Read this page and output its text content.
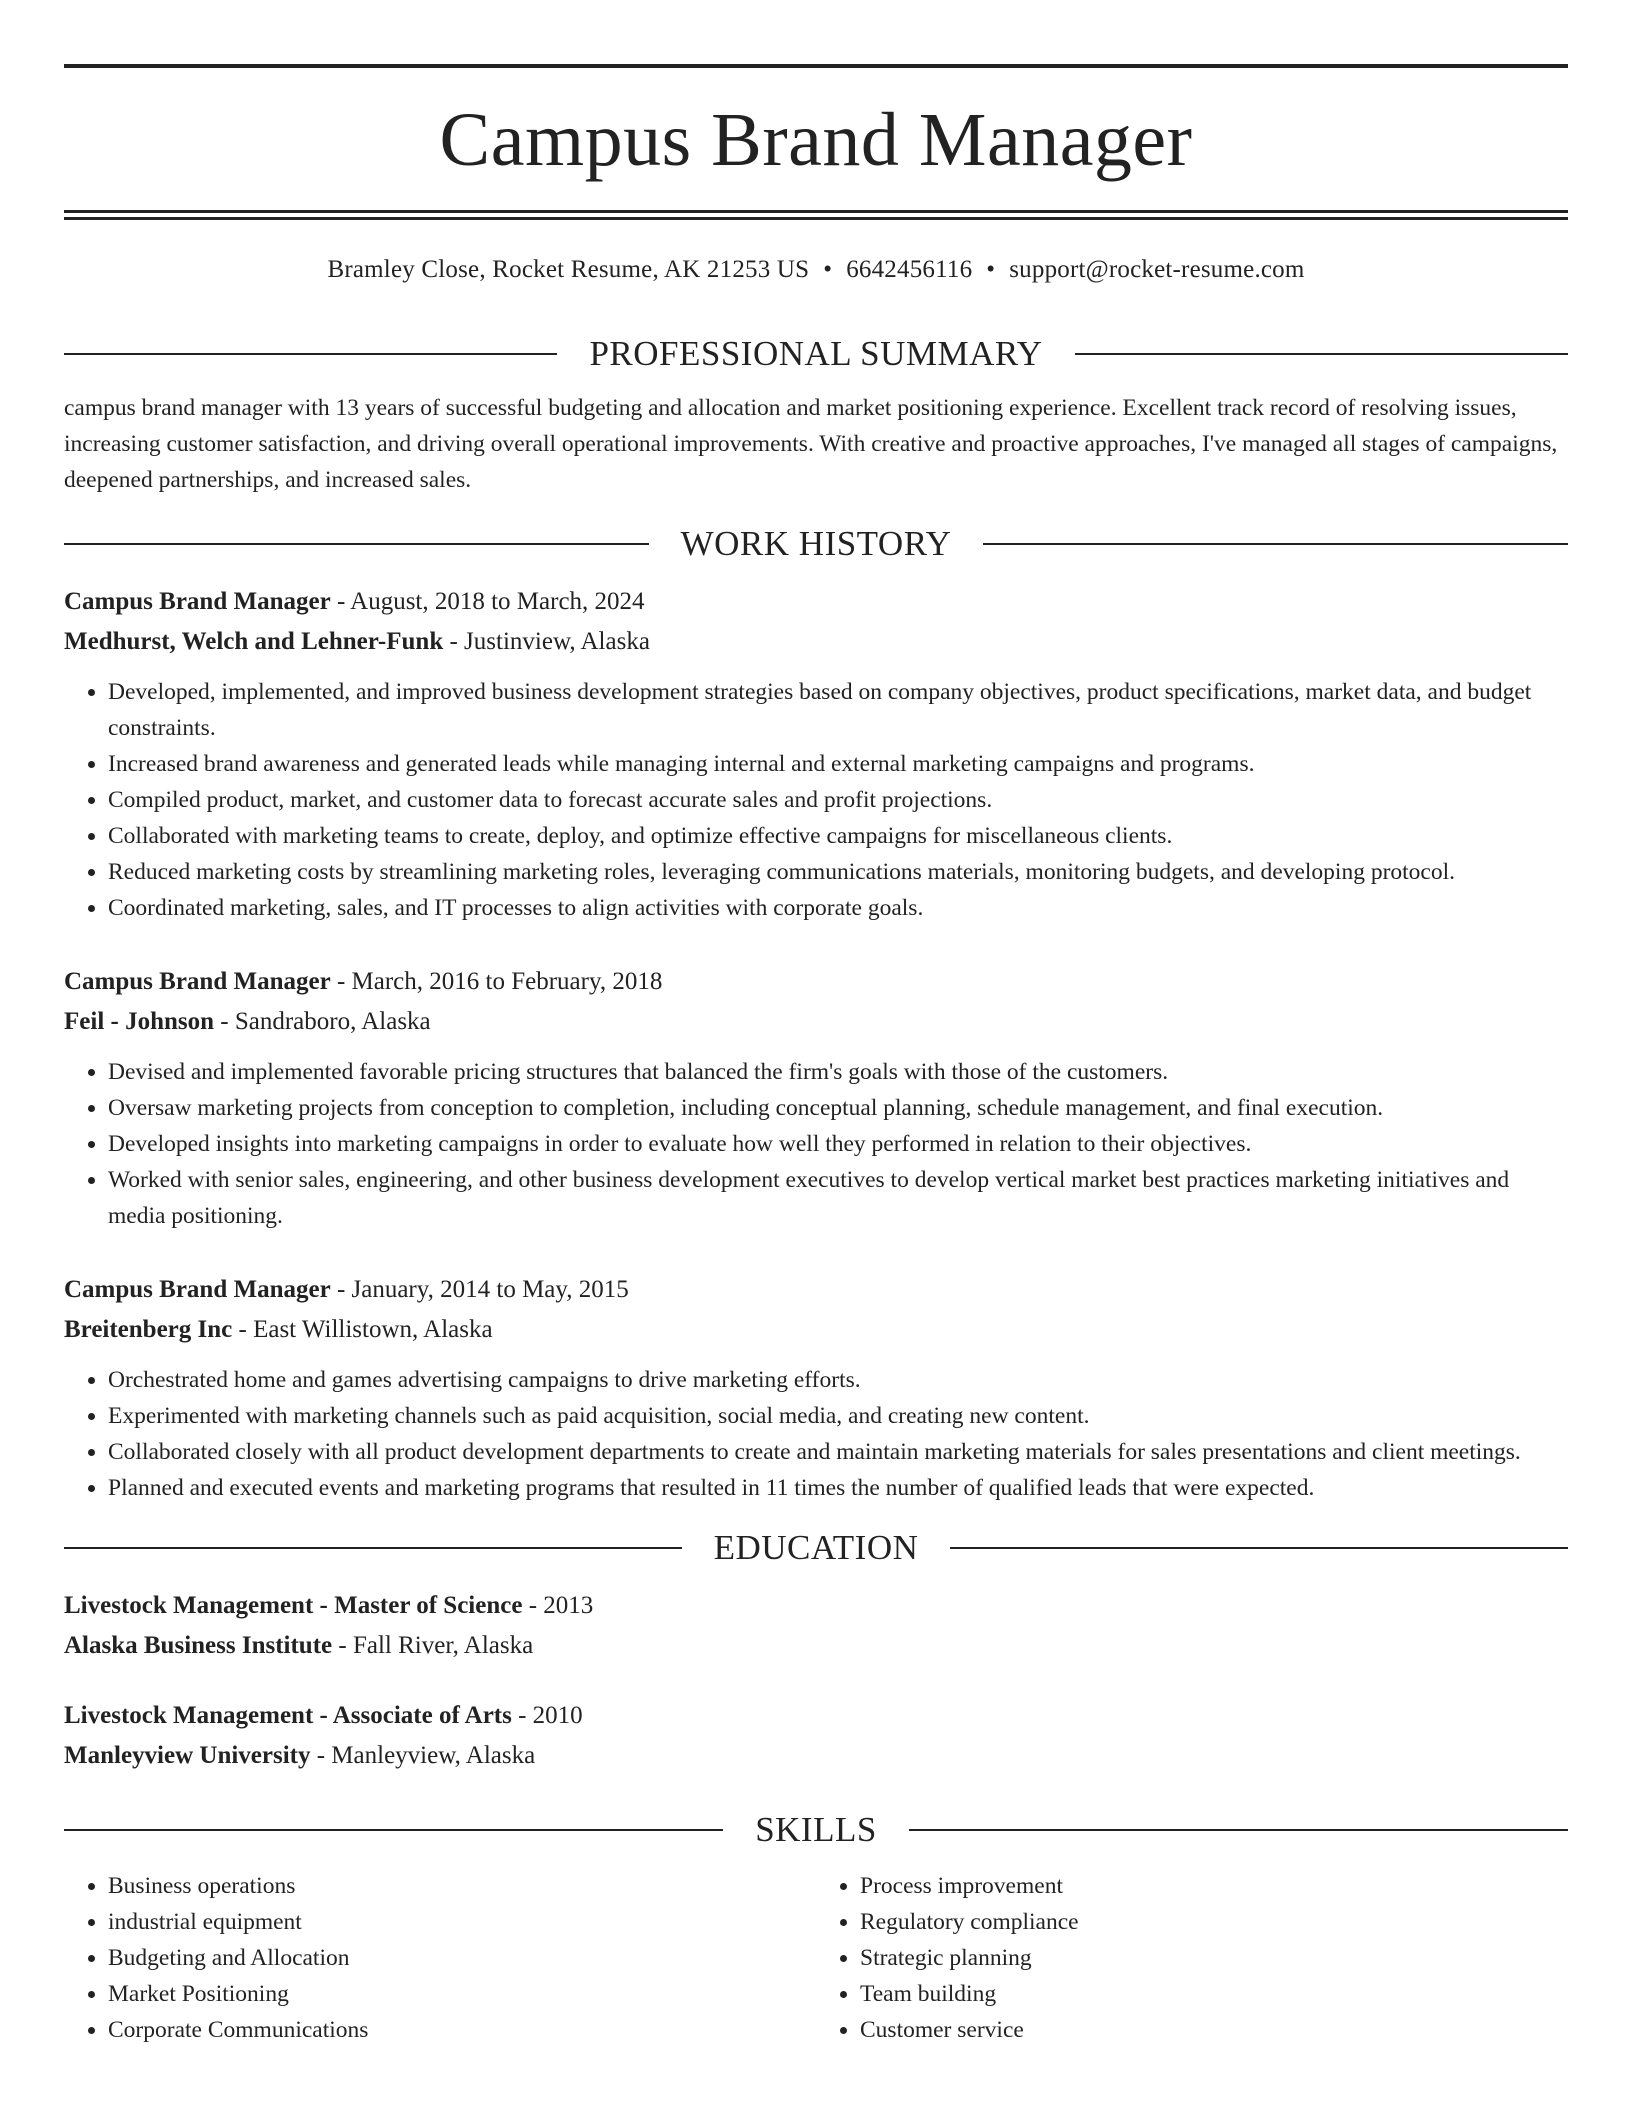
Campus Brand Manager
Bramley Close, Rocket Resume, AK 21253 US • 6642456116 • support@rocket-resume.com
PROFESSIONAL SUMMARY
campus brand manager with 13 years of successful budgeting and allocation and market positioning experience. Excellent track record of resolving issues, increasing customer satisfaction, and driving overall operational improvements. With creative and proactive approaches, I've managed all stages of campaigns, deepened partnerships, and increased sales.
WORK HISTORY
Campus Brand Manager - August, 2018 to March, 2024
Medhurst, Welch and Lehner-Funk - Justinview, Alaska
• Developed, implemented, and improved business development strategies based on company objectives, product specifications, market data, and budget constraints.
• Increased brand awareness and generated leads while managing internal and external marketing campaigns and programs.
• Compiled product, market, and customer data to forecast accurate sales and profit projections.
• Collaborated with marketing teams to create, deploy, and optimize effective campaigns for miscellaneous clients.
• Reduced marketing costs by streamlining marketing roles, leveraging communications materials, monitoring budgets, and developing protocol.
• Coordinated marketing, sales, and IT processes to align activities with corporate goals.
Campus Brand Manager - March, 2016 to February, 2018
Feil - Johnson - Sandraboro, Alaska
• Devised and implemented favorable pricing structures that balanced the firm's goals with those of the customers.
• Oversaw marketing projects from conception to completion, including conceptual planning, schedule management, and final execution.
• Developed insights into marketing campaigns in order to evaluate how well they performed in relation to their objectives.
• Worked with senior sales, engineering, and other business development executives to develop vertical market best practices marketing initiatives and media positioning.
Campus Brand Manager - January, 2014 to May, 2015
Breitenberg Inc - East Willistown, Alaska
• Orchestrated home and games advertising campaigns to drive marketing efforts.
• Experimented with marketing channels such as paid acquisition, social media, and creating new content.
• Collaborated closely with all product development departments to create and maintain marketing materials for sales presentations and client meetings.
• Planned and executed events and marketing programs that resulted in 11 times the number of qualified leads that were expected.
EDUCATION
Livestock Management - Master of Science - 2013
Alaska Business Institute - Fall River, Alaska
Livestock Management - Associate of Arts - 2010
Manleyview University - Manleyview, Alaska
SKILLS
• Business operations
• industrial equipment
• Budgeting and Allocation
• Market Positioning
• Corporate Communications
• Process improvement
• Regulatory compliance
• Strategic planning
• Team building
• Customer service
